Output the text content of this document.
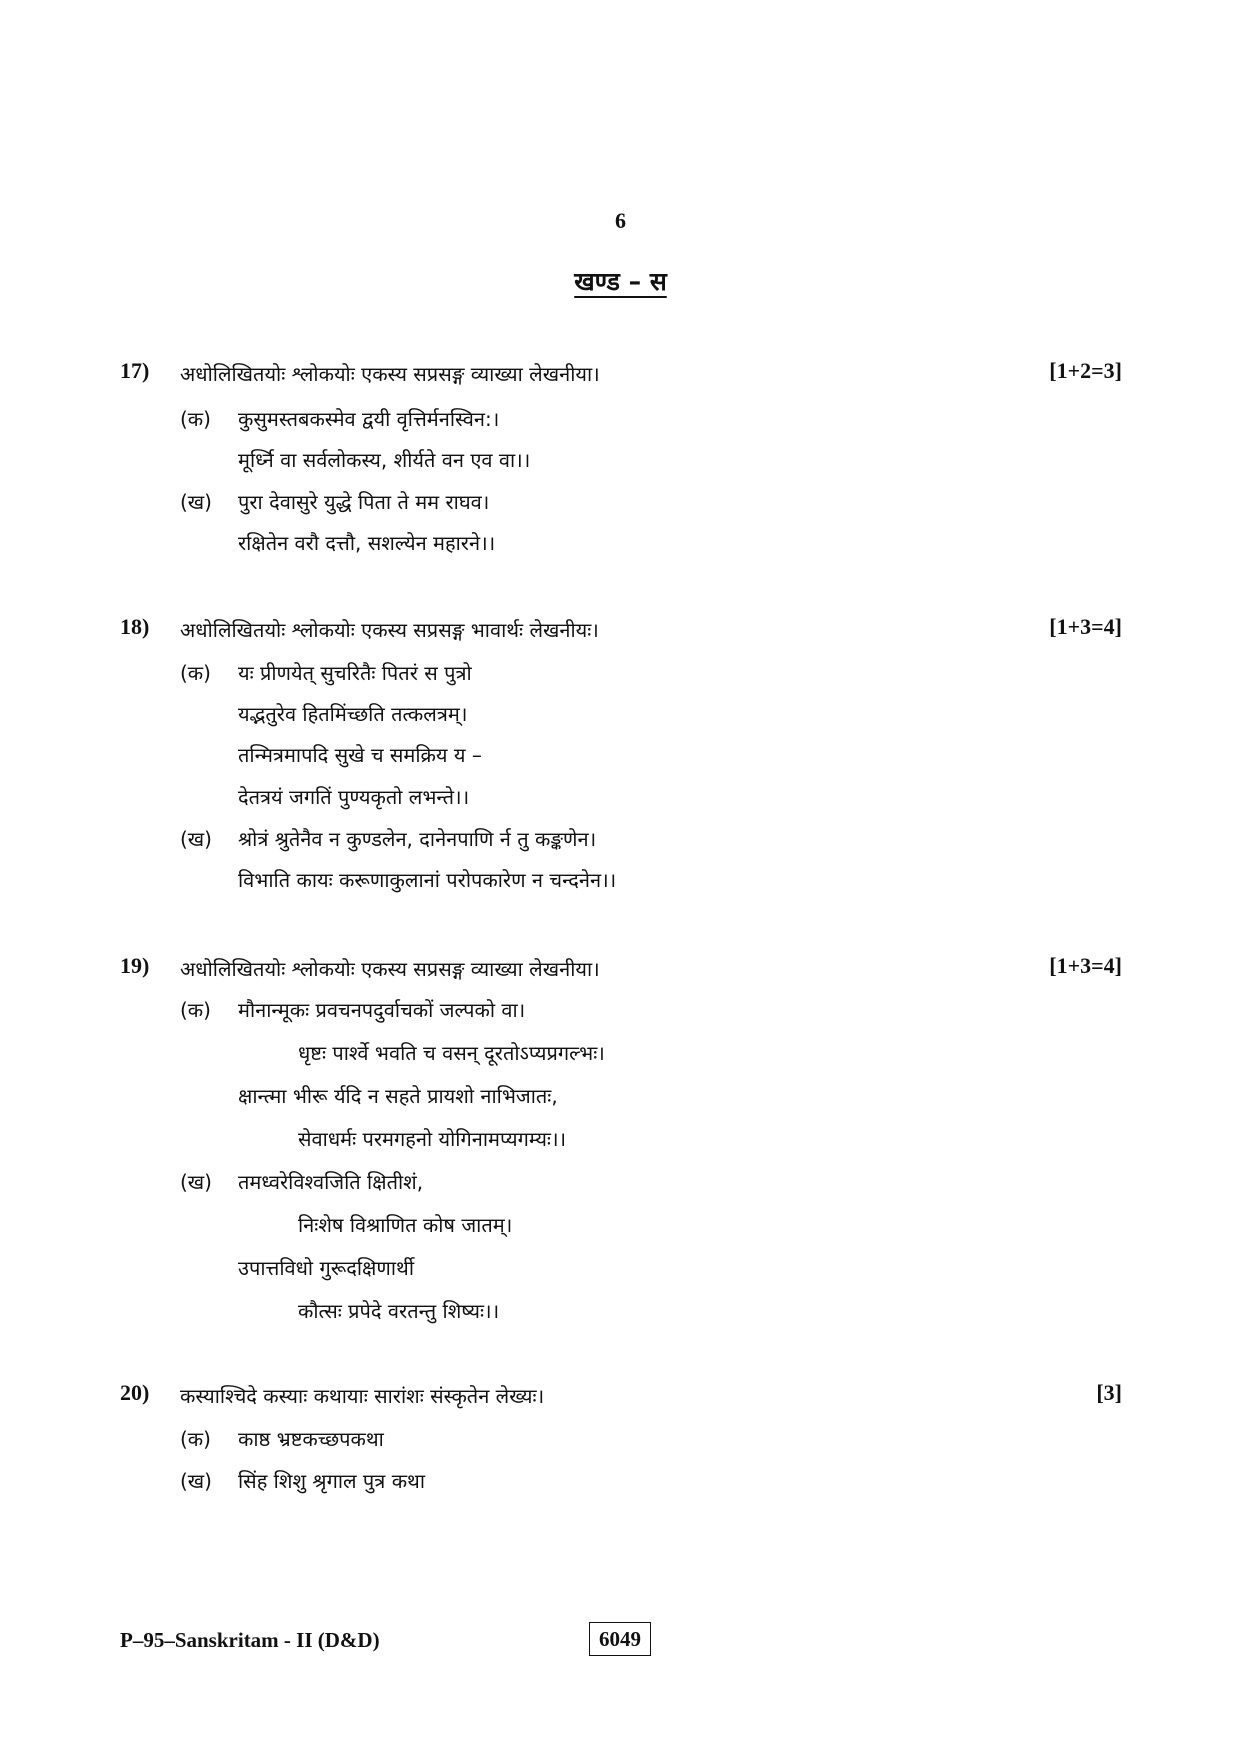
6
खण्ड – स
17) अधोलिखितयोः श्लोकयोः एकस्य सप्रसङ्ग व्याख्या लेखनीया।	[1+2=3]
(क) कुसुमस्तबकस्मेव द्वयी वृत्तिर्मनस्विन:।
मूर्ध्नि वा सर्वलोकस्य, शीर्यते वन एव वा।।
(ख) पुरा देवासुरे युद्धे पिता ते मम राघव।
रक्षितेन वरौ दत्तौ, सशल्येन महारने।।
18) अधोलिखितयोः श्लोकयोः एकस्य सप्रसङ्ग भावार्थः लेखनीयः।	[1+3=4]
(क) यः प्रीणयेत् सुचरितैः पितरं स पुत्रो
यद्भतुरेव हितमिंच्छति तत्कलत्रम्।
तन्मित्रमापदि सुखे च समक्रिय य –
देतत्रयं जगतिं पुण्यकृतो लभन्ते।।
(ख) श्रोत्रं श्रुतेनैव न कुण्डलेन, दानेनपाणि र्न तु कङ्कणेन।
विभाति कायः करूणाकुलानां परोपकारेण न चन्दनेन।।
19) अधोलिखितयोः श्लोकयोः एकस्य सप्रसङ्ग व्याख्या लेखनीया।	[1+3=4]
(क) मौनान्मूकः प्रवचनपदुर्वाचकों जल्पको वा।
धृष्टः पार्श्वे भवति च वसन् दूरतोऽप्यप्रगल्भः।
क्षान्त्मा भीरू र्यदि न सहते प्रायशो नाभिजातः,
सेवाधर्मः परमगहनो योगिनामप्यगम्यः।।
(ख) तमध्वरेविश्वजिति क्षितीशं,
निःशेष विश्राणित कोष जातम्।
उपात्तविधो गुरूदक्षिणार्थी
कौत्सः प्रपेदे वरतन्तु शिष्यः।।
20) कस्याश्चिदे कस्याः कथायाः सारांशः संस्कृतेन लेख्यः।	[3]
(क) काष्ठ भ्रष्टकच्छपकथा
(ख) सिंह शिशु श्रृगाल पुत्र कथा
P–95–Sanskritam - II (D&D)	6049
